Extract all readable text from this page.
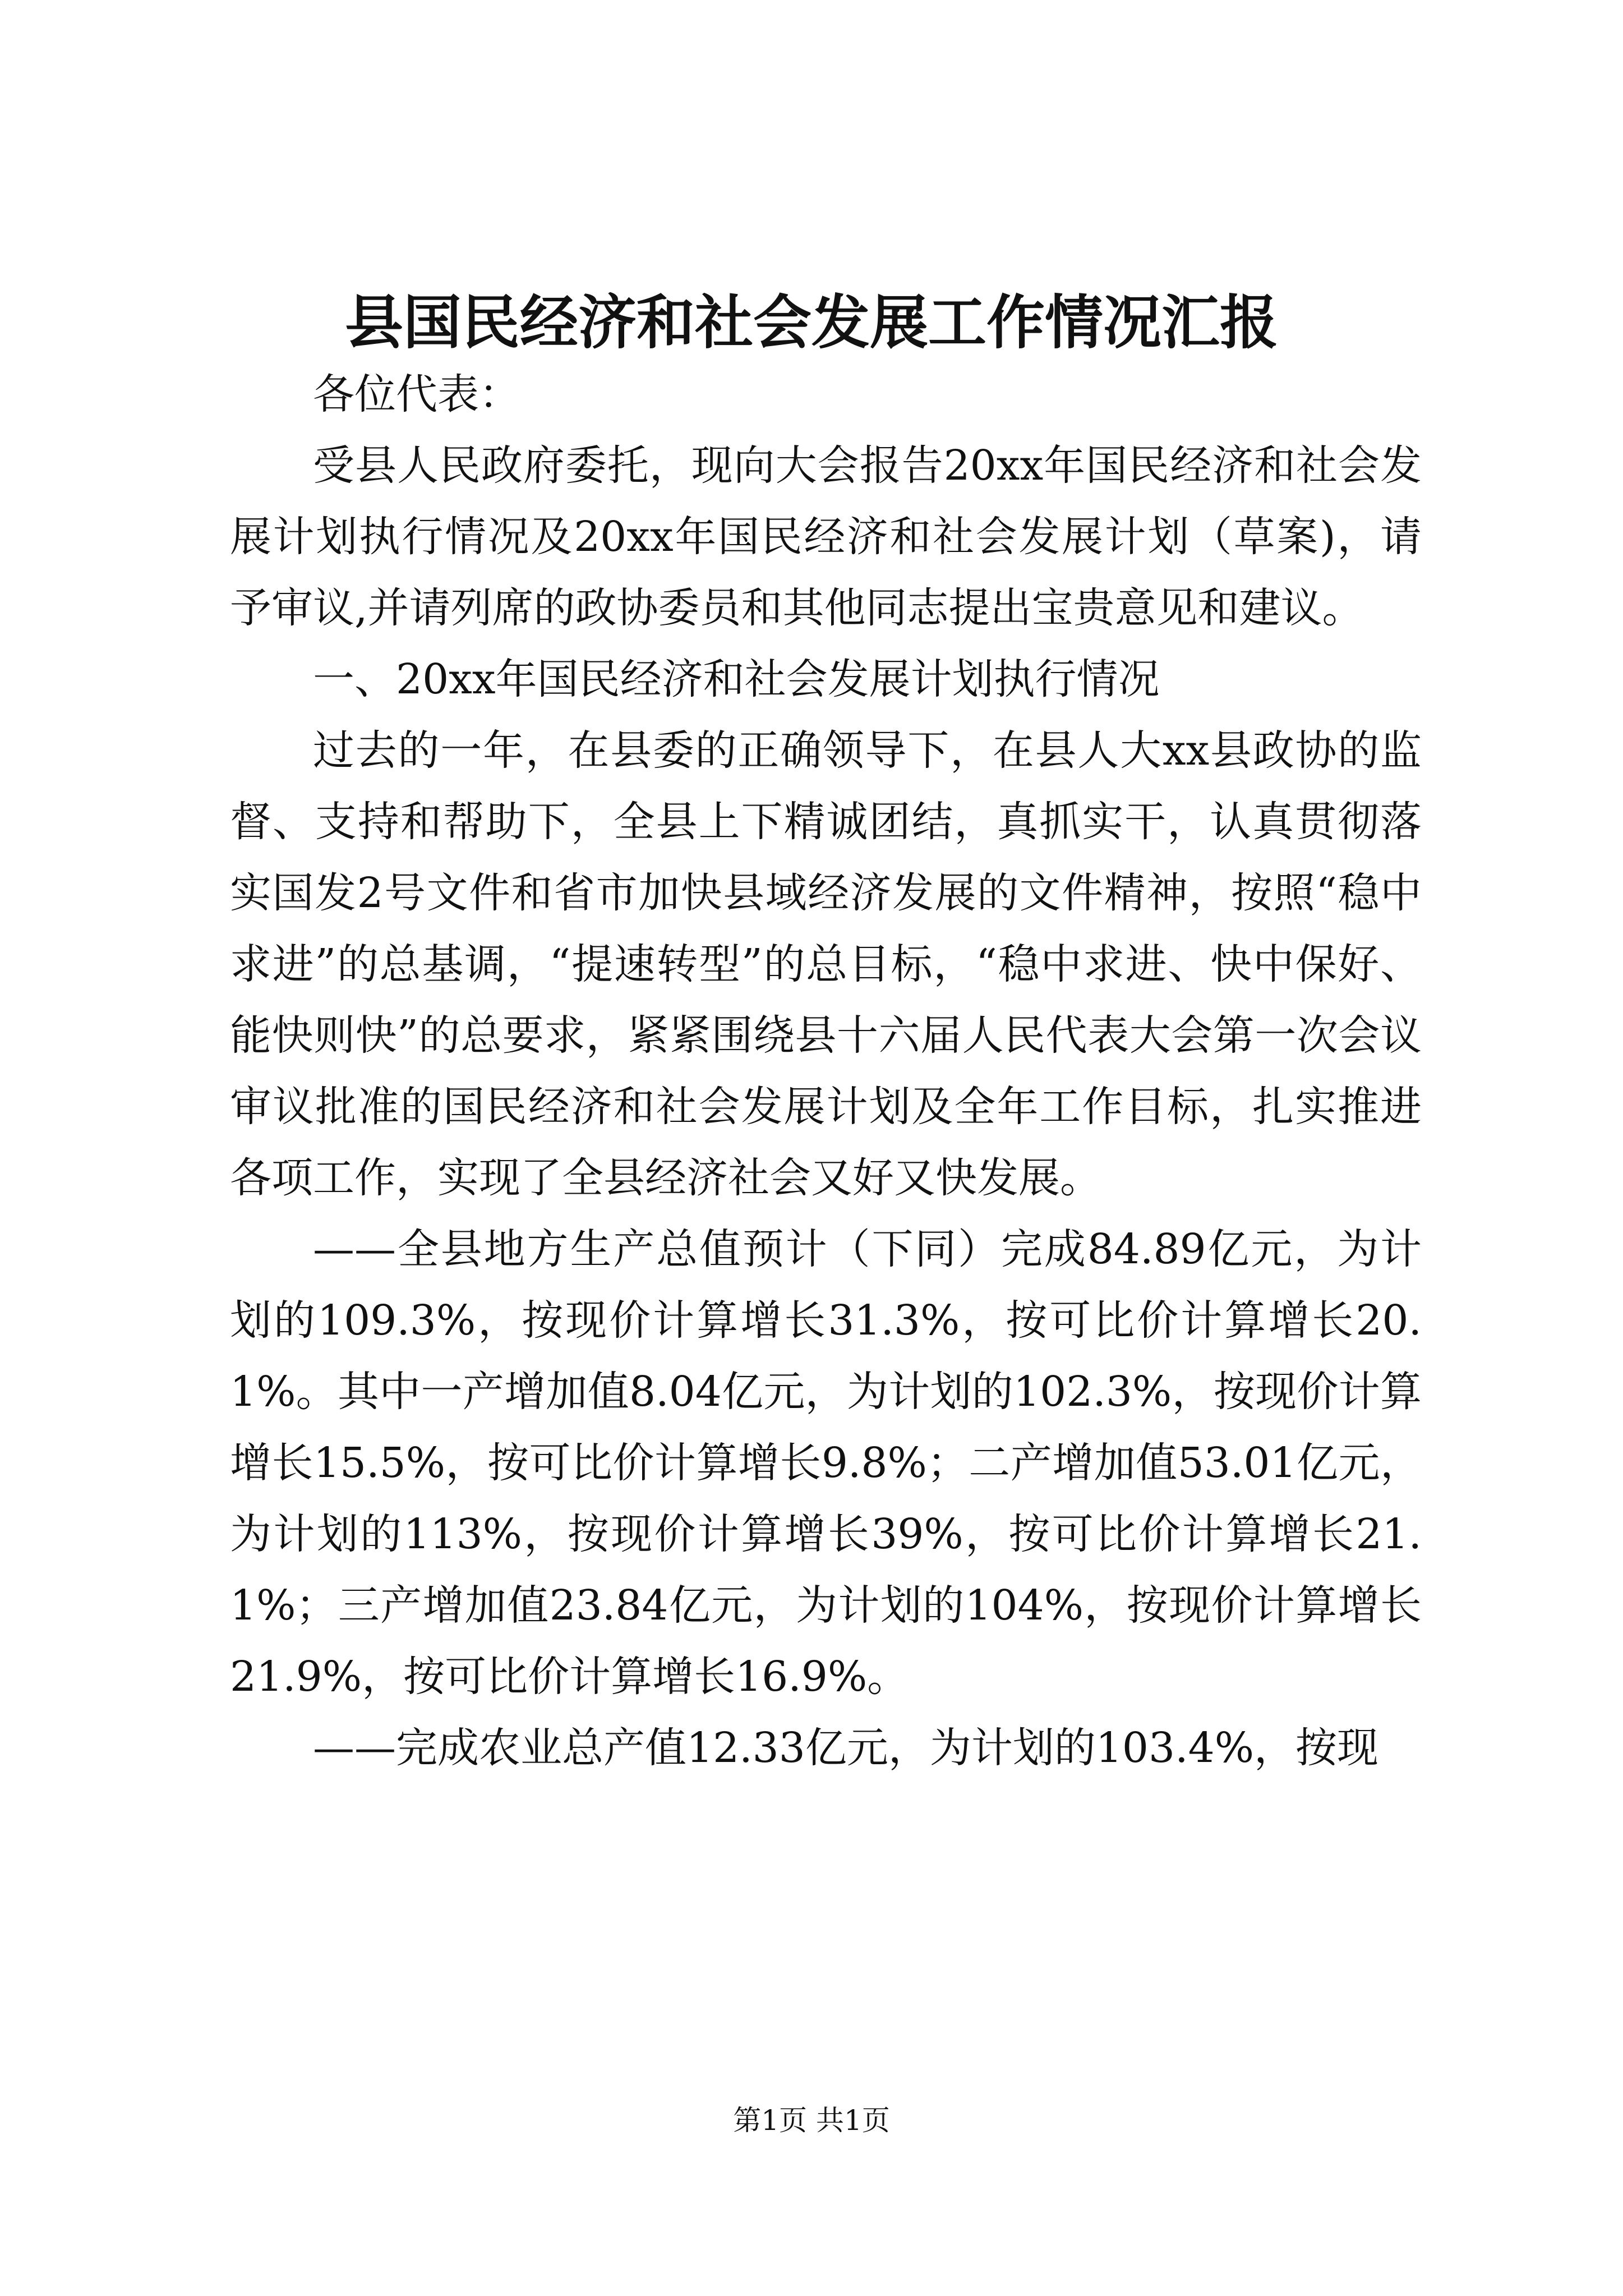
县国民经济和社会发展工作情况汇报

各位代表：

受县人民政府委托，现向大会报告20xx年国民经济和社会发展计划执行情况及20xx年国民经济和社会发展计划（草案)，请予审议,并请列席的政协委员和其他同志提出宝贵意见和建议。

一、20xx年国民经济和社会发展计划执行情况

过去的一年，在县委的正确领导下，在县人大xx县政协的监督、支持和帮助下，全县上下精诚团结，真抓实干，认真贯彻落实国发2号文件和省市加快县域经济发展的文件精神，按照“稳中求进”的总基调，“提速转型”的总目标，“稳中求进、快中保好、能快则快”的总要求，紧紧围绕县十六届人民代表大会第一次会议审议批准的国民经济和社会发展计划及全年工作目标，扎实推进各项工作，实现了全县经济社会又好又快发展。

——全县地方生产总值预计（下同）完成84.89亿元，为计划的109.3%，按现价计算增长31.3%，按可比价计算增长20.1%。其中一产增加值8.04亿元，为计划的102.3%，按现价计算增长15.5%，按可比价计算增长9.8%；二产增加值53.01亿元，为计划的113%，按现价计算增长39%，按可比价计算增长21.1%；三产增加值23.84亿元，为计划的104%，按现价计算增长21.9%，按可比价计算增长16.9%。

——完成农业总产值12.33亿元，为计划的103.4%，按现

第1页 共1页
